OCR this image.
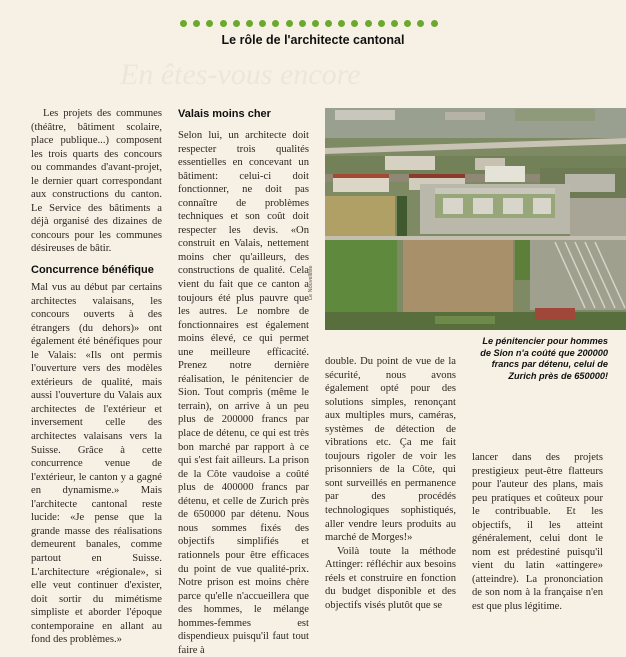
Le rôle de l'architecte cantonal
En êtes-vous encore

Les projets des communes (théâtre, bâtiment scolaire, place publique...) composent les trois quarts des concours ou commandes d'avant-projet, le dernier quart correspondant aux constructions du canton. Le Service des bâtiments a déjà organisé des dizaines de concours pour les communes désireuses de bâtir.

Concurrence bénéfique

Mal vus au début par certains architectes valaisans, les concours ouverts à des étrangers (du dehors)» ont également été bénéfiques pour le Valais: «Ils ont permis l'ouverture vers des modèles extérieurs de qualité, mais aussi l'ouverture du Valais aux architectes de l'extérieur et inversement celle des architectes valaisans vers la Suisse. Grâce à cette concurrence venue de l'extérieur, le canton y a gagné en dynamisme.» Mais l'architecte cantonal reste lucide: «Je pense que la grande masse des réalisations demeurent banales, comme partout en Suisse. L'architecture «régionale», si elle veut continuer d'exister, doit sortir du mimétisme simpliste et aborder l'époque contemporaine en allant au fond des problèmes.»

Valais moins cher

Selon lui, un architecte doit respecter trois qualités essentielles en concevant un bâtiment: celui-ci doit fonctionner, ne doit pas connaître de problèmes techniques et son coût doit respecter les devis. «On construit en Valais, nettement moins cher qu'ailleurs, des constructions de qualité. Cela vient du fait que ce canton a toujours été plus pauvre que les autres. Le nombre de fonctionnaires est également moins élevé, ce qui permet une meilleure efficacité. Prenez notre dernière réalisation, le pénitencier de Sion. Tout compris (même le terrain), on arrive à un peu plus de 200000 francs par place de détenu, ce qui est très bon marché par rapport à ce qui s'est fait ailleurs. La prison de la Côte vaudoise a coûté plus de 400000 francs par détenu, et celle de Zurich près de 650000 par détenu. Nous nous sommes fixés des objectifs simplifiés et rationnels pour être efficaces du point de vue qualité-prix. Notre prison est moins chère parce qu'elle n'accueillera que des hommes, le mélange hommes-femmes est dispendieux puisqu'il faut tout faire à

Le Nouvelliste
Le pénitencier pour hommes de Sion n'a coûté que 200000 francs par détenu, celui de Zurich près de 650000!

double. Du point de vue de la sécurité, nous avons également opté pour des solutions simples, renonçant aux multiples murs, caméras, systèmes de détection de vibrations etc. Ça me fait toujours rigoler de voir les prisonniers de la Côte, qui sont surveillés en permanence par des procédés technologiques sophistiqués, aller vendre leurs produits au marché de Morges!»

Voilà toute la méthode Attinger: réfléchir aux besoins réels et construire en fonction du budget disponible et des objectifs visés plutôt que se

lancer dans des projets prestigieux peut-être flatteurs pour l'auteur des plans, mais peu pratiques et coûteux pour le contribuable. Et les objectifs, il les atteint généralement, celui dont le nom est prédestiné puisqu'il vient du latin «attingere» (atteindre). La prononciation de son nom à la française n'en est que plus légitime.
